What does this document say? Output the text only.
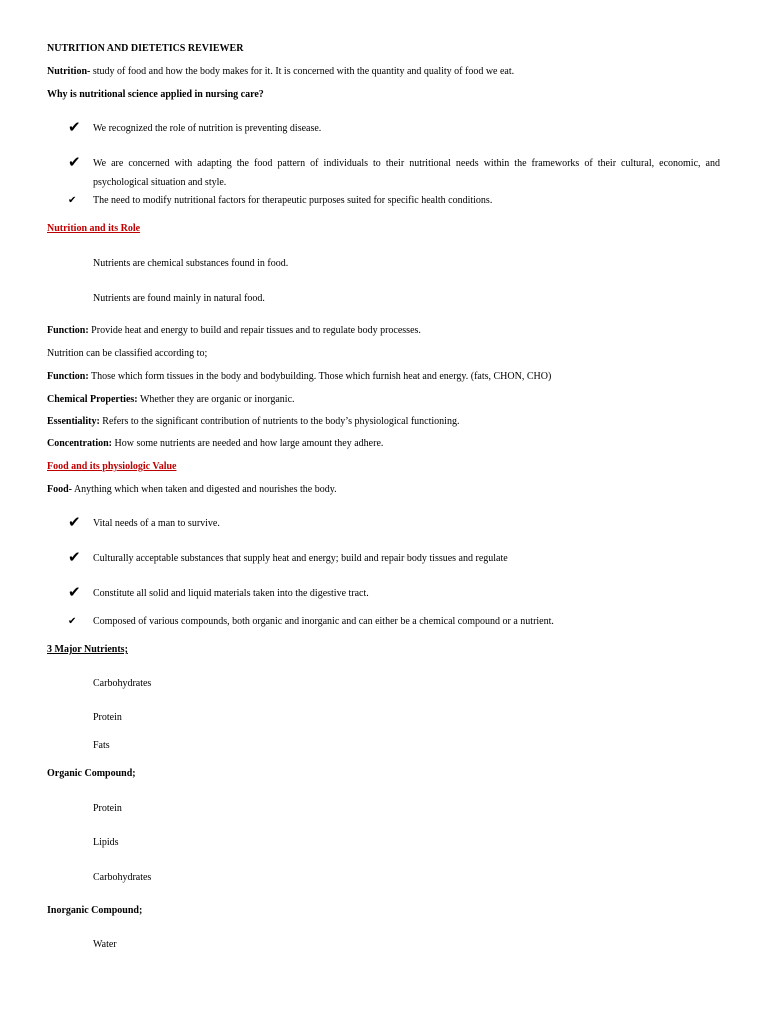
NUTRITION AND DIETETICS REVIEWER
Nutrition- study of food and how the body makes for it. It is concerned with the quantity and quality of food we eat.
Why is nutritional science applied in nursing care?
✔	We recognized the role of nutrition is preventing disease.
✔	We are concerned with adapting the food pattern of individuals to their nutritional needs within the frameworks of their cultural, economic, and psychological situation and style.
✔	The need to modify nutritional factors for therapeutic purposes suited for specific health conditions.
Nutrition and its Role
Nutrients are chemical substances found in food.
Nutrients are found mainly in natural food.
Function: Provide heat and energy to build and repair tissues and to regulate body processes.
Nutrition can be classified according to;
Function: Those which form tissues in the body and bodybuilding. Those which furnish heat and energy. (fats, CHON, CHO)
Chemical Properties: Whether they are organic or inorganic.
Essentiality: Refers to the significant contribution of nutrients to the body’s physiological functioning.
Concentration: How some nutrients are needed and how large amount they adhere.
Food and its physiologic Value
Food- Anything which when taken and digested and nourishes the body.
✔	Vital needs of a man to survive.
✔	Culturally acceptable substances that supply heat and energy; build and repair body tissues and regulate
✔	Constitute all solid and liquid materials taken into the digestive tract.
✔	Composed of various compounds, both organic and inorganic and can either be a chemical compound or a nutrient.
3 Major Nutrients;
Carbohydrates
Protein
Fats
Organic Compound;
Protein
Lipids
Carbohydrates
Inorganic Compound;
Water
